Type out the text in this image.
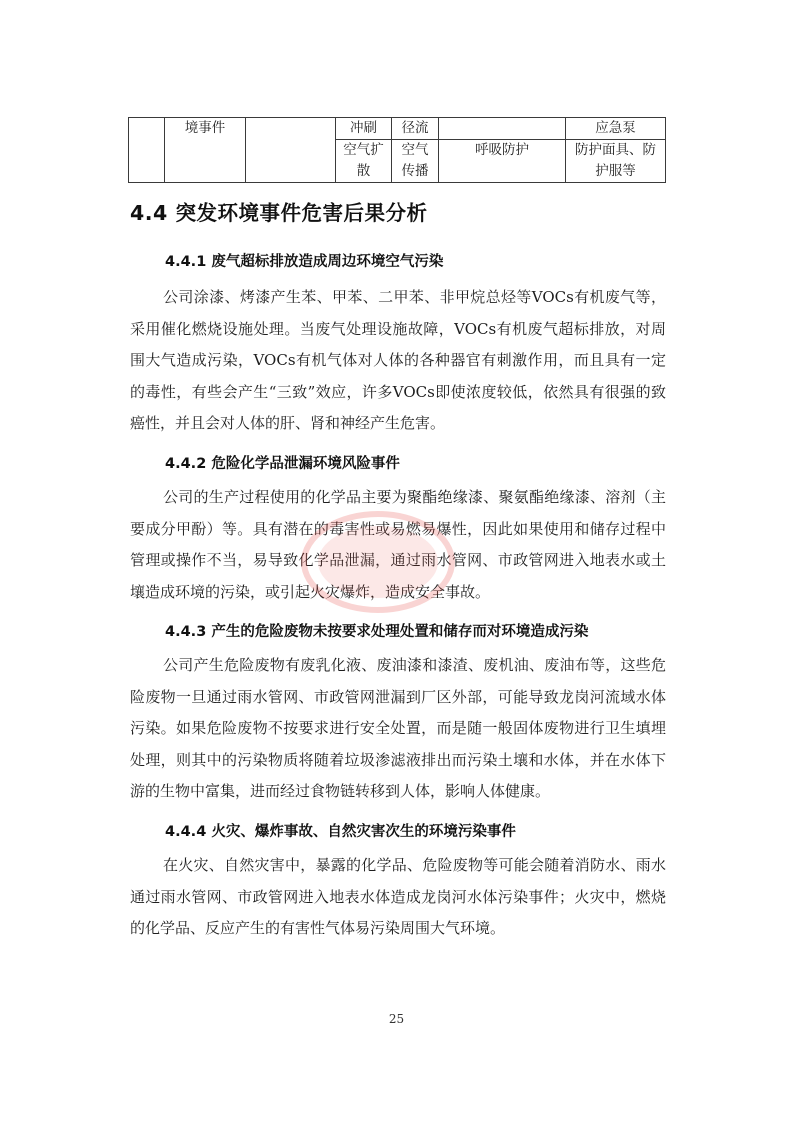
	境事件		冲刷	径流		应急泵
			空气扩散	空气传播	呼吸防护	防护面具、防护服等
4.4 突发环境事件危害后果分析
4.4.1 废气超标排放造成周边环境空气污染

公司涂漆、烤漆产生苯、甲苯、二甲苯、非甲烷总烃等VOCs有机废气等，采用催化燃烧设施处理。当废气处理设施故障，VOCs有机废气超标排放，对周围大气造成污染，VOCs有机气体对人体的各种器官有刺激作用，而且具有一定的毒性，有些会产生“三致”效应，许多VOCs即使浓度较低，依然具有很强的致癌性，并且会对人体的肝、肾和神经产生危害。

4.4.2 危险化学品泄漏环境风险事件

公司的生产过程使用的化学品主要为聚酯绝缘漆、聚氨酯绝缘漆、溶剂（主要成分甲酚）等。具有潜在的毒害性或易燃易爆性，因此如果使用和储存过程中管理或操作不当，易导致化学品泄漏，通过雨水管网、市政管网进入地表水或土壤造成环境的污染，或引起火灾爆炸，造成安全事故。

4.4.3 产生的危险废物未按要求处理处置和储存而对环境造成污染

公司产生危险废物有废乳化液、废油漆和漆渣、废机油、废油布等，这些危险废物一旦通过雨水管网、市政管网泄漏到厂区外部，可能导致龙岗河流域水体污染。如果危险废物不按要求进行安全处置，而是随一般固体废物进行卫生填埋处理，则其中的污染物质将随着垃圾渗滤液排出而污染土壤和水体，并在水体下游的生物中富集，进而经过食物链转移到人体，影响人体健康。

4.4.4 火灾、爆炸事故、自然灾害次生的环境污染事件

在火灾、自然灾害中，暴露的化学品、危险废物等可能会随着消防水、雨水通过雨水管网、市政管网进入地表水体造成龙岗河水体污染事件；火灾中，燃烧的化学品、反应产生的有害性气体易污染周围大气环境。

25
